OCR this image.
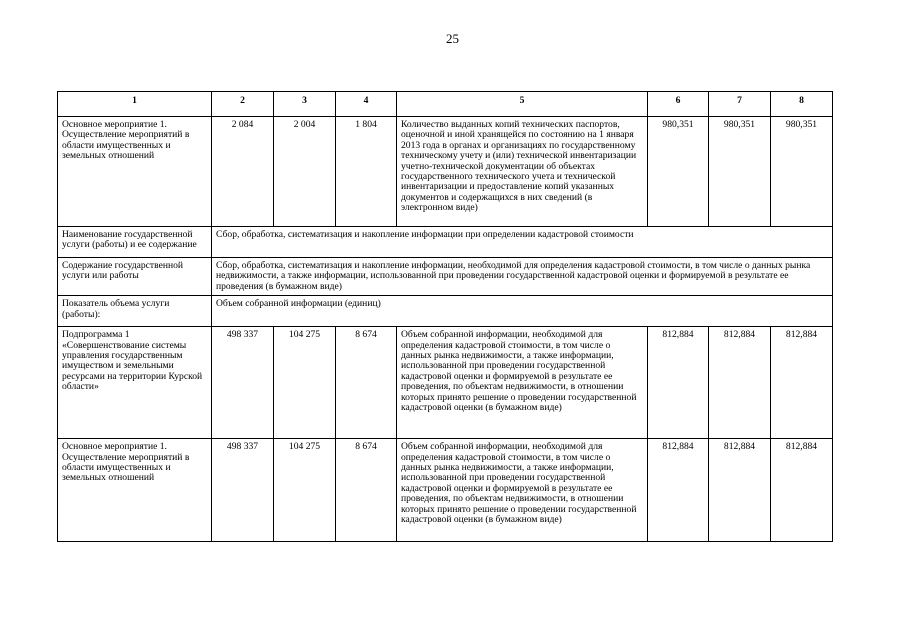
25
1	2	3	4	5	6	7	8
Основное мероприятие 1. Осуществление мероприятий в области имущественных и земельных отношений	2 084	2 004	1 804	Количество выданных копий технических паспортов, оценочной и иной хранящейся по состоянию на 1 января 2013 года в органах и организациях по государственному техническому учету и (или) технической инвентаризации учетно-технической документации об объектах государственного технического учета и технической инвентаризации и предоставление копий указанных документов и содержащихся в них сведений (в электронном виде)	980,351	980,351	980,351
Наименование государственной услуги (работы) и ее содержание	Сбор, обработка, систематизация и накопление информации при определении кадастровой стоимости						
Содержание государственной услуги или работы	Сбор, обработка, систематизация и накопление информации, необходимой для определения кадастровой стоимости, в том числе о данных рынка недвижимости, а также информации, использованной при проведении государственной кадастровой оценки и формируемой в результате ее проведения (в бумажном виде)						
Показатель объема услуги (работы):	Объем собранной информации (единиц)						
Подпрограмма 1 «Совершенствование системы управления государственным имуществом и земельными ресурсами на территории Курской области»	498 337	104 275	8 674	Объем собранной информации, необходимой для определения кадастровой стоимости, в том числе о данных рынка недвижимости, а также информации, использованной при проведении государственной кадастровой оценки и формируемой в результате ее проведения, по объектам недвижимости, в отношении которых принято решение о проведении государственной кадастровой оценки (в бумажном виде)	812,884	812,884	812,884
Основное мероприятие 1. Осуществление мероприятий в области имущественных и земельных отношений	498 337	104 275	8 674	Объем собранной информации, необходимой для определения кадастровой стоимости, в том числе о данных рынка недвижимости, а также информации, использованной при проведении государственной кадастровой оценки и формируемой в результате ее проведения, по объектам недвижимости, в отношении которых принято решение о проведении государственной кадастровой оценки (в бумажном виде)	812,884	812,884	812,884
